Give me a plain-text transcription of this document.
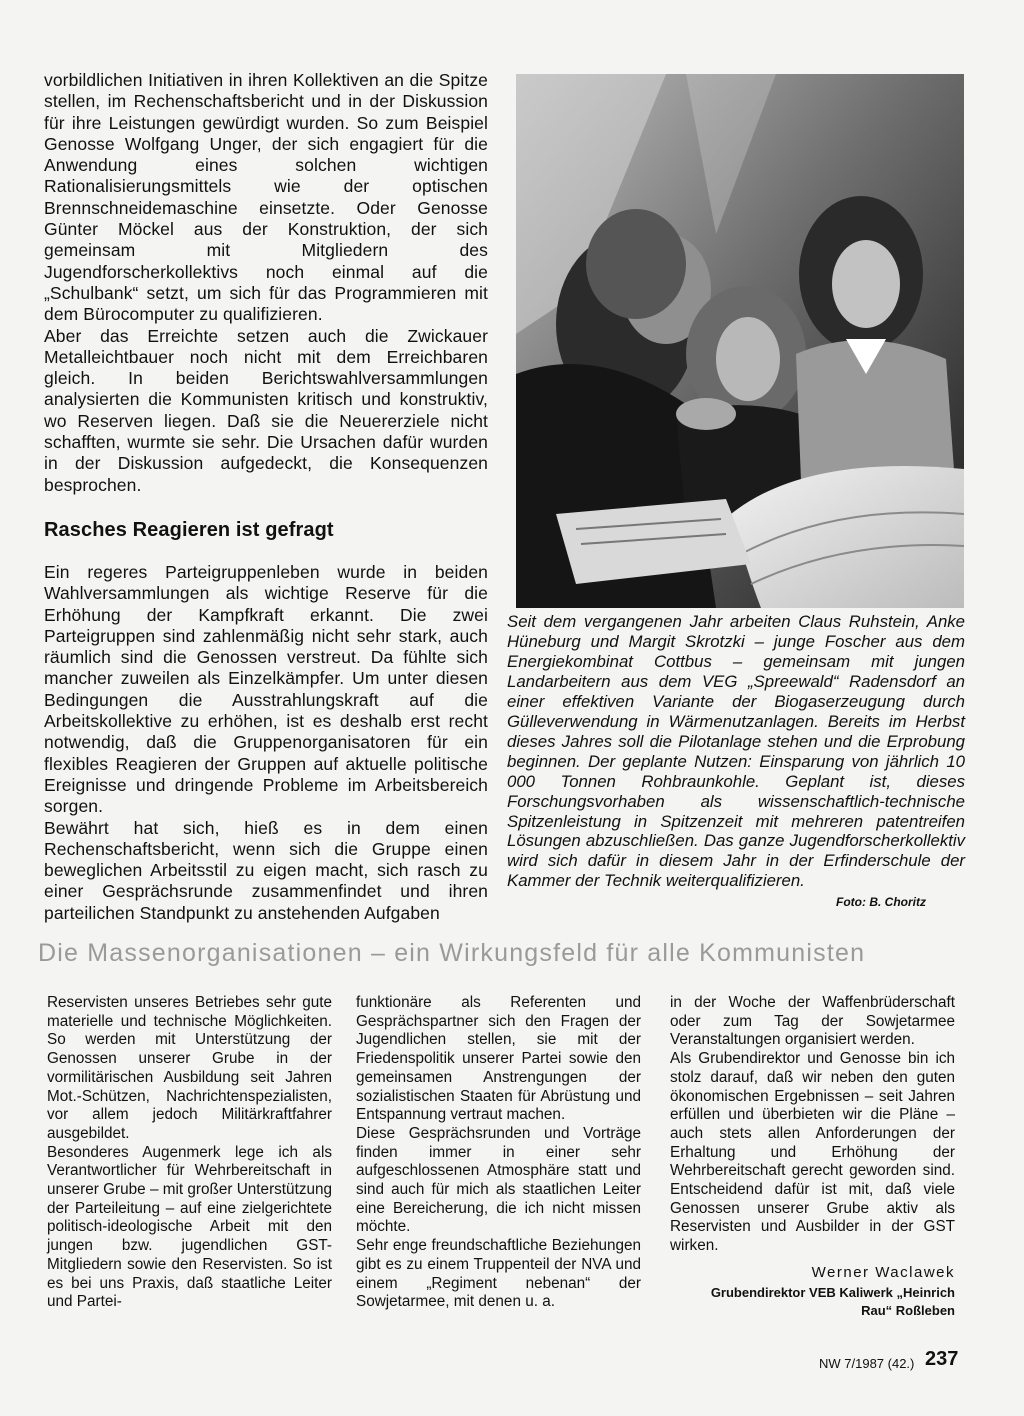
vorbildlichen Initiativen in ihren Kollektiven an die Spitze stellen, im Rechenschaftsbericht und in der Diskussion für ihre Leistungen gewürdigt wurden. So zum Beispiel Genosse Wolfgang Unger, der sich engagiert für die Anwendung eines solchen wichtigen Rationalisierungsmittels wie der optischen Brennschneidemaschine einsetzte. Oder Genosse Günter Möckel aus der Konstruktion, der sich gemeinsam mit Mitgliedern des Jugendforscherkollektivs noch einmal auf die „Schulbank“ setzt, um sich für das Programmieren mit dem Bürocomputer zu qualifizieren.

Aber das Erreichte setzen auch die Zwickauer Metalleichtbauer noch nicht mit dem Erreichbaren gleich. In beiden Berichtswahlversammlungen analysierten die Kommunisten kritisch und konstruktiv, wo Reserven liegen. Daß sie die Neuererziele nicht schafften, wurmte sie sehr. Die Ursachen dafür wurden in der Diskussion aufgedeckt, die Konsequenzen besprochen.

Rasches Reagieren ist gefragt

Ein regeres Parteigruppenleben wurde in beiden Wahlversammlungen als wichtige Reserve für die Erhöhung der Kampfkraft erkannt. Die zwei Parteigruppen sind zahlenmäßig nicht sehr stark, auch räumlich sind die Genossen verstreut. Da fühlte sich mancher zuweilen als Einzelkämpfer. Um unter diesen Bedingungen die Ausstrahlungskraft auf die Arbeitskollektive zu erhöhen, ist es deshalb erst recht notwendig, daß die Gruppenorganisatoren für ein flexibles Reagieren der Gruppen auf aktuelle politische Ereignisse und dringende Probleme im Arbeitsbereich sorgen.

Bewährt hat sich, hieß es in dem einen Rechenschaftsbericht, wenn sich die Gruppe einen beweglichen Arbeitsstil zu eigen macht, sich rasch zu einer Gesprächsrunde zusammenfindet und ihren parteilichen Standpunkt zu anstehenden Aufgaben

Seit dem vergangenen Jahr arbeiten Claus Ruhstein, Anke Hüneburg und Margit Skrotzki – junge Foscher aus dem Energiekombinat Cottbus – gemeinsam mit jungen Landarbeitern aus dem VEG „Spreewald“ Radensdorf an einer effektiven Variante der Biogaserzeugung durch Gülleverwendung in Wärmenutzanlagen. Bereits im Herbst dieses Jahres soll die Pilotanlage stehen und die Erprobung beginnen. Der geplante Nutzen: Einsparung von jährlich 10 000 Tonnen Rohbraunkohle. Geplant ist, dieses Forschungsvorhaben als wissenschaftlich-technische Spitzenleistung in Spitzenzeit mit mehreren patentreifen Lösungen abzuschließen. Das ganze Jugendforscherkollektiv wird sich dafür in diesem Jahr in der Erfinderschule der Kammer der Technik weiterqualifizieren.

Foto: B. Choritz
Die Massenorganisationen – ein Wirkungsfeld für alle Kommunisten

Reservisten unseres Betriebes sehr gute materielle und technische Möglichkeiten. So werden mit Unterstützung der Genossen unserer Grube in der vormilitärischen Ausbildung seit Jahren Mot.-Schützen, Nachrichtenspezialisten, vor allem jedoch Militärkraftfahrer ausgebildet.

Besonderes Augenmerk lege ich als Verantwortlicher für Wehrbereitschaft in unserer Grube – mit großer Unterstützung der Parteileitung – auf eine zielgerichtete politisch-ideologische Arbeit mit den jungen bzw. jugendlichen GST-Mitgliedern sowie den Reservisten. So ist es bei uns Praxis, daß staatliche Leiter und Partei-

funktionäre als Referenten und Gesprächspartner sich den Fragen der Jugendlichen stellen, sie mit der Friedenspolitik unserer Partei sowie den gemeinsamen Anstrengungen der sozialistischen Staaten für Abrüstung und Entspannung vertraut machen.

Diese Gesprächsrunden und Vorträge finden immer in einer sehr aufgeschlossenen Atmosphäre statt und sind auch für mich als staatlichen Leiter eine Bereicherung, die ich nicht missen möchte.

Sehr enge freundschaftliche Beziehungen gibt es zu einem Truppenteil der NVA und einem „Regiment nebenan“ der Sowjetarmee, mit denen u. a.

in der Woche der Waffenbrüderschaft oder zum Tag der Sowjetarmee Veranstaltungen organisiert werden.

Als Grubendirektor und Genosse bin ich stolz darauf, daß wir neben den guten ökonomischen Ergebnissen – seit Jahren erfüllen und überbieten wir die Pläne – auch stets allen Anforderungen der Erhaltung und Erhöhung der Wehrbereitschaft gerecht geworden sind. Entscheidend dafür ist mit, daß viele Genossen unserer Grube aktiv als Reservisten und Ausbilder in der GST wirken.

Werner Waclawek
Grubendirektor VEB Kaliwerk „Heinrich
Rau“ Roßleben
NW 7/1987 (42.) 237
